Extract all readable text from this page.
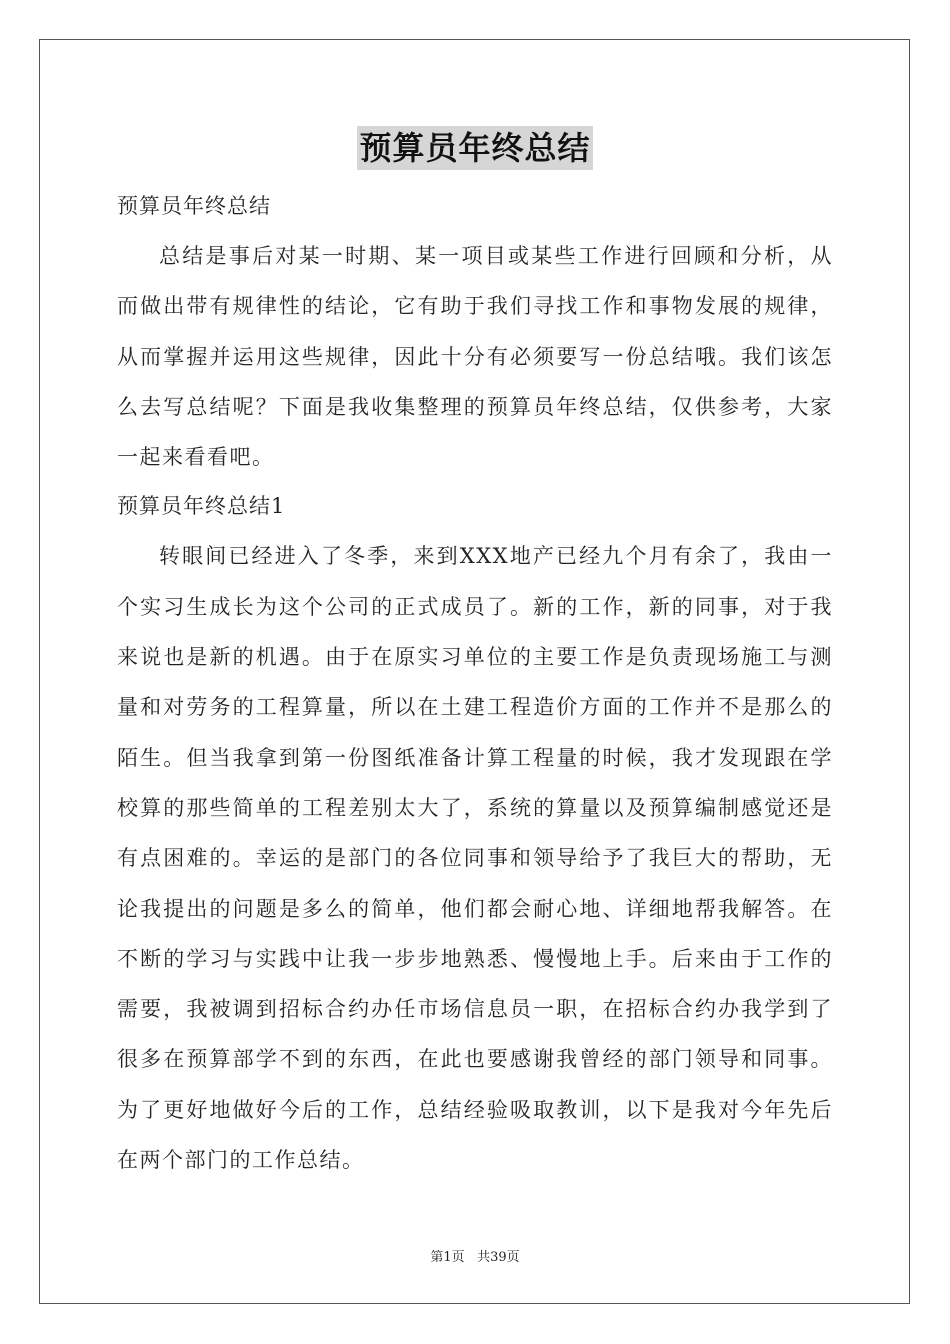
预算员年终总结
预算员年终总结

总结是事后对某一时期、某一项目或某些工作进行回顾和分析，从而做出带有规律性的结论，它有助于我们寻找工作和事物发展的规律，从而掌握并运用这些规律，因此十分有必须要写一份总结哦。我们该怎么去写总结呢？下面是我收集整理的预算员年终总结，仅供参考，大家一起来看看吧。

预算员年终总结1

转眼间已经进入了冬季，来到XXX地产已经九个月有余了，我由一个实习生成长为这个公司的正式成员了。新的工作，新的同事，对于我来说也是新的机遇。由于在原实习单位的主要工作是负责现场施工与测量和对劳务的工程算量，所以在土建工程造价方面的工作并不是那么的陌生。但当我拿到第一份图纸准备计算工程量的时候，我才发现跟在学校算的那些简单的工程差别太大了，系统的算量以及预算编制感觉还是有点困难的。幸运的是部门的各位同事和领导给予了我巨大的帮助，无论我提出的问题是多么的简单，他们都会耐心地、详细地帮我解答。在不断的学习与实践中让我一步步地熟悉、慢慢地上手。后来由于工作的需要，我被调到招标合约办任市场信息员一职，在招标合约办我学到了很多在预算部学不到的东西，在此也要感谢我曾经的部门领导和同事。为了更好地做好今后的工作，总结经验吸取教训，以下是我对今年先后在两个部门的工作总结。

第1页 共39页
